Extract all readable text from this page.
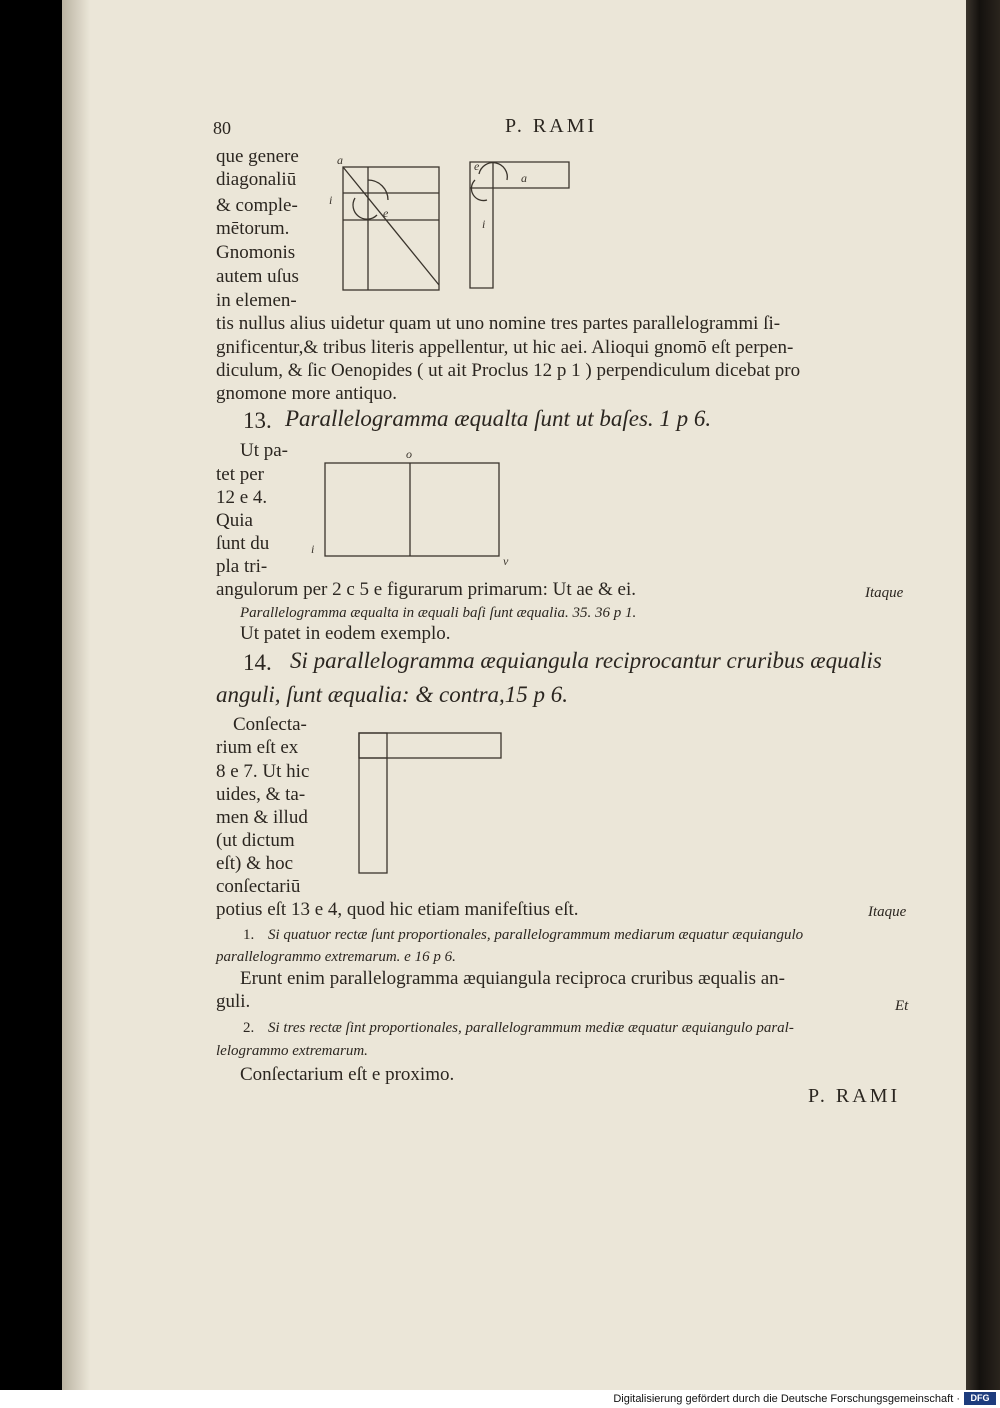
80	P. RAMI
que genere
diagonaliū
& comple-
mētorum.
Gnomonis
autem uſus
in elemen-
a
i
e
e
a
i
tis nullus alius uidetur quam ut uno nomine tres partes parallelogrammi ſi-
gnificentur,& tribus literis appellentur, ut hic aei. Alioqui gnomō eſt perpen-
diculum, & ſic Oenopides ( ut ait Proclus 12 p 1 ) perpendiculum dicebat pro
gnomone more antiquo.
13. Parallelogramma æqualta ſunt ut baſes. 1 p 6.
Ut pa-
tet per
12 e 4.
Quia
ſunt du
pla tri-
o
i
v
angulorum per 2 c 5 e figurarum primarum: Ut ae & ei.	Itaque
Parallelogramma æqualta in æquali baſi ſunt æqualia. 35. 36 p 1.
Ut patet in eodem exemplo.
14. Si parallelogramma æquiangula reciprocantur cruribus æqualis
anguli, ſunt æqualia: & contra,15 p 6.
Conſecta-
rium eſt ex
8 e 7. Ut hic
uides, & ta-
men & illud
(ut dictum
eſt) & hoc
conſectariū
potius eſt 13 e 4, quod hic etiam manifeſtius eſt.	Itaque
1. Si quatuor rectæ ſunt proportionales, parallelogrammum mediarum æquatur æquiangulo
parallelogrammo extremarum. e 16 p 6.
Erunt enim parallelogramma æquiangula reciproca cruribus æqualis an-
guli.	Et
2. Si tres rectæ ſint proportionales, parallelogrammum mediæ æquatur æquiangulo paral-
lelogrammo extremarum.
Conſectarium eſt e proximo.
P. RAMI
Digitalisierung gefördert durch die Deutsche Forschungsgemeinschaft ·	DFG
